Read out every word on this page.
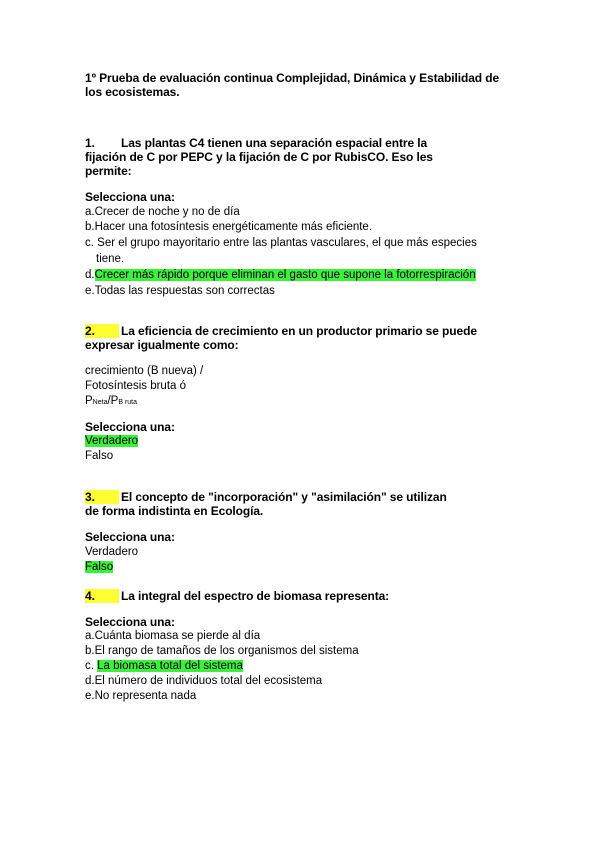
1º Prueba de evaluación continua Complejidad, Dinámica y Estabilidad de
los ecosistemas.
1. Las plantas C4 tienen una separación espacial entre la
fijación de C por PEPC y la fijación de C por RubisCO. Eso les
permite:
Selecciona una:
a.Crecer de noche y no de día
b.Hacer una fotosíntesis energéticamente más eficiente.
c. Ser el grupo mayoritario entre las plantas vasculares, el que más especies
tiene.
d.Crecer más rápido porque eliminan el gasto que supone la fotorrespiración
e.Todas las respuestas son correctas
2.	La eficiencia de crecimiento en un productor primario se puede
expresar igualmente como:
crecimiento (B nueva) /
Fotosíntesis bruta ó
PNeta/PB ruta
Selecciona una:
Verdadero
Falso
3.	El concepto de "incorporación" y "asimilación" se utilizan
de forma indistinta en Ecología.
Selecciona una:
Verdadero
Falso
4.	La integral del espectro de biomasa representa:
Selecciona una:
a.Cuánta biomasa se pierde al día
b.El rango de tamaños de los organismos del sistema
c. La biomasa total del sistema
d.El número de individuos total del ecosistema
e.No representa nada
